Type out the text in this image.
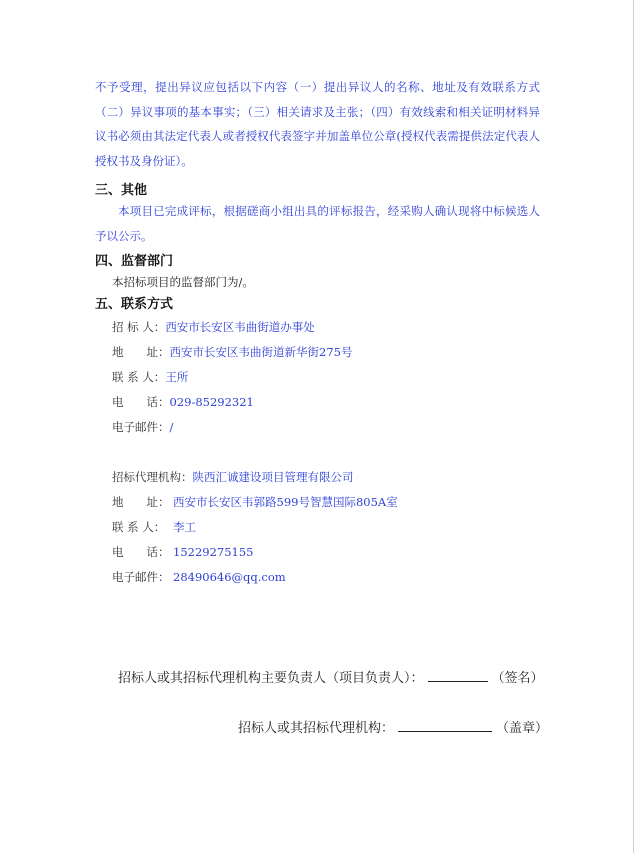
不予受理，提出异议应包括以下内容（一）提出异议人的名称、地址及有效联系方式（二）异议事项的基本事实；（三）相关请求及主张；（四）有效线索和相关证明材料异议书必须由其法定代表人或者授权代表签字并加盖单位公章(授权代表需提供法定代表人授权书及身份证）。
三、其他
本项目已完成评标，根据磋商小组出具的评标报告，经采购人确认现将中标候选人予以公示。
四、监督部门
本招标项目的监督部门为/。
五、联系方式
招 标 人：西安市长安区韦曲街道办事处
地　　址：西安市长安区韦曲街道新华街275号
联 系 人：王所
电　　话：029-85292321
电子邮件：/
招标代理机构：陕西汇诚建设项目管理有限公司
地　　址： 西安市长安区韦郭路599号智慧国际805A室
联 系 人： 李工
电　　话： 15229275155
电子邮件： 28490646@qq.com
招标人或其招标代理机构主要负责人（项目负责人）：	（签名）
招标人或其招标代理机构：	（盖章）
